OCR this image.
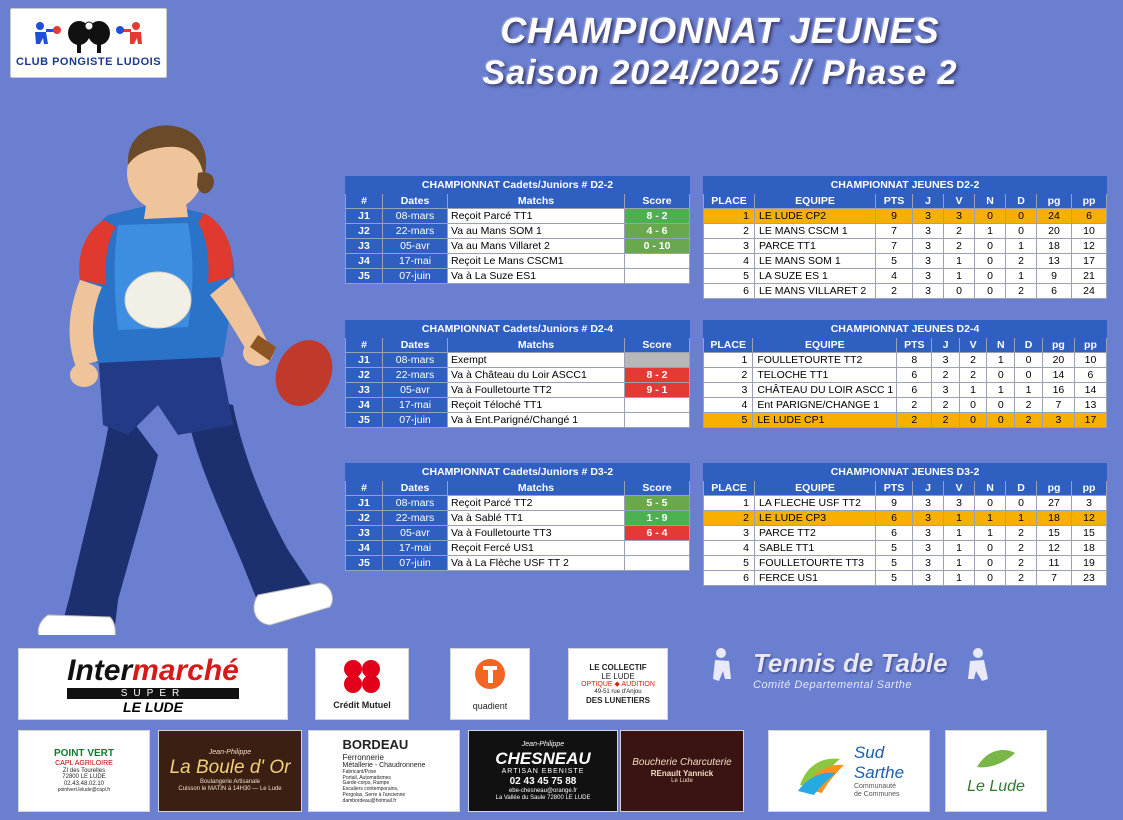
CLUB PONGISTE LUDOIS
CHAMPIONNAT JEUNES
Saison 2024/2025 // Phase 2
CHAMPIONNAT Cadets/Juniors # D2-2			
#	Dates	Matchs	Score
J1	08-mars	Reçoit Parcé TT1	8 - 2
J2	22-mars	Va au Mans SOM 1	4 - 6
J3	05-avr	Va au Mans Villaret 2	0 - 10
J4	17-mai	Reçoit Le Mans CSCM1	
J5	07-juin	Va à La Suze ES1	
CHAMPIONNAT Cadets/Juniors # D2-4			
#	Dates	Matchs	Score
J1	08-mars	Exempt	
J2	22-mars	Va à Château du Loir ASCC1	8 - 2
J3	05-avr	Va à Foulletourte TT2	9 - 1
J4	17-mai	Reçoit Téloché TT1	
J5	07-juin	Va à Ent.Parigné/Changé 1	
CHAMPIONNAT Cadets/Juniors # D3-2			
#	Dates	Matchs	Score
J1	08-mars	Reçoit Parcé TT2	5 - 5
J2	22-mars	Va à Sablé TT1	1 - 9
J3	05-avr	Va à Foulletourte TT3	6 - 4
J4	17-mai	Reçoit Fercé US1	
J5	07-juin	Va à La Flèche USF TT 2	
CHAMPIONNAT JEUNES D2-2								
PLACE	EQUIPE	PTS	J	V	N	D	pg	pp
1	LE LUDE CP2	9	3	3	0	0	24	6
2	LE MANS CSCM 1	7	3	2	1	0	20	10
3	PARCE TT1	7	3	2	0	1	18	12
4	LE MANS SOM 1	5	3	1	0	2	13	17
5	LA SUZE ES 1	4	3	1	0	1	9	21
6	LE MANS VILLARET 2	2	3	0	0	2	6	24
CHAMPIONNAT JEUNES D2-4								
PLACE	EQUIPE	PTS	J	V	N	D	pg	pp
1	FOULLETOURTE TT2	8	3	2	1	0	20	10
2	TELOCHE TT1	6	2	2	0	0	14	6
3	CHÂTEAU DU LOIR ASCC 1	6	3	1	1	1	16	14
4	Ent PARIGNE/CHANGE 1	2	2	0	0	2	7	13
5	LE LUDE CP1	2	2	0	0	2	3	17
CHAMPIONNAT JEUNES D3-2								
PLACE	EQUIPE	PTS	J	V	N	D	pg	pp
1	LA FLECHE USF TT2	9	3	3	0	0	27	3
2	LE LUDE CP3	6	3	1	1	1	18	12
3	PARCE TT2	6	3	1	1	2	15	15
4	SABLE TT1	5	3	1	0	2	12	18
5	FOULLETOURTE TT3	5	3	1	0	2	11	19
6	FERCE US1	5	3	1	0	2	7	23
Intermarché
SUPER
LE LUDE	Crédit Mutuel	quadient
LE COLLECTIF
LE LUDE
OPTIQUE ◆ AUDITION
49-51 rue d'Anjou
DES LUNETIERS
Tennis de Table
Comité Departemental Sarthe
POINT VERT
CAPL AGRILOIRE
ZI des Tourelles
72800 LE LUDE
02.43.48.02.10
pointvert.lelude@capl.fr
Jean-Philippe
La Boule d' Or
Boulangerie Artisanale
Cuisson le MATIN à 14H30 — Le Lude
BORDEAU
Ferronnerie
Métallerie - Chaudronnerie
Fabricant/Pose
Portail, Automatismes
Garde-corps, Rampe
Escaliers contemporains,
Pergolas, Serre à l'ancienne
dambordeau@hotmail.fr
Jean-Philippe
CHESNEAU
ARTISAN EBENISTE
02 43 45 75 88
ebe-chesneau@orange.fr
La Vallée du Saule 72800 LE LUDE
Boucherie Charcuterie
REnault Yannick
Le Lude
Sud
Sarthe
Communauté
de Communes	Le Lude
